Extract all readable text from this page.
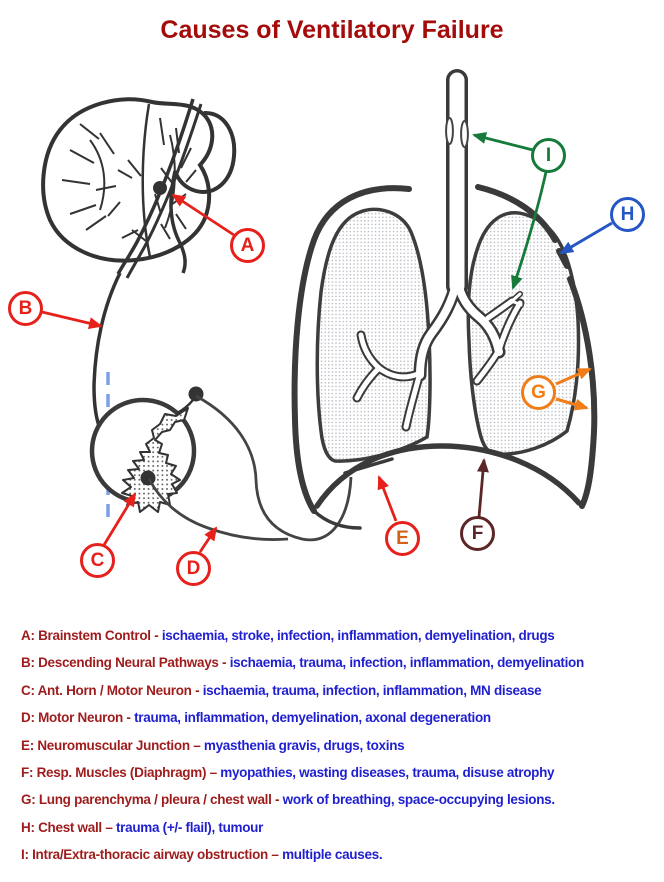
Causes of Ventilatory Failure
A
B
C	D
E	F
G
H
I
A: Brainstem Control - ischaemia, stroke, infection, inflammation, demyelination, drugs
B: Descending Neural Pathways - ischaemia, trauma, infection, inflammation, demyelination
C: Ant. Horn / Motor Neuron - ischaemia, trauma, infection, inflammation, MN disease
D: Motor Neuron - trauma, inflammation, demyelination, axonal degeneration
E: Neuromuscular Junction – myasthenia gravis, drugs, toxins
F: Resp. Muscles (Diaphragm) – myopathies, wasting diseases, trauma, disuse atrophy
G: Lung parenchyma / pleura / chest wall - work of breathing, space-occupying lesions.
H: Chest wall – trauma (+/- flail), tumour
I: Intra/Extra-thoracic airway obstruction – multiple causes.
